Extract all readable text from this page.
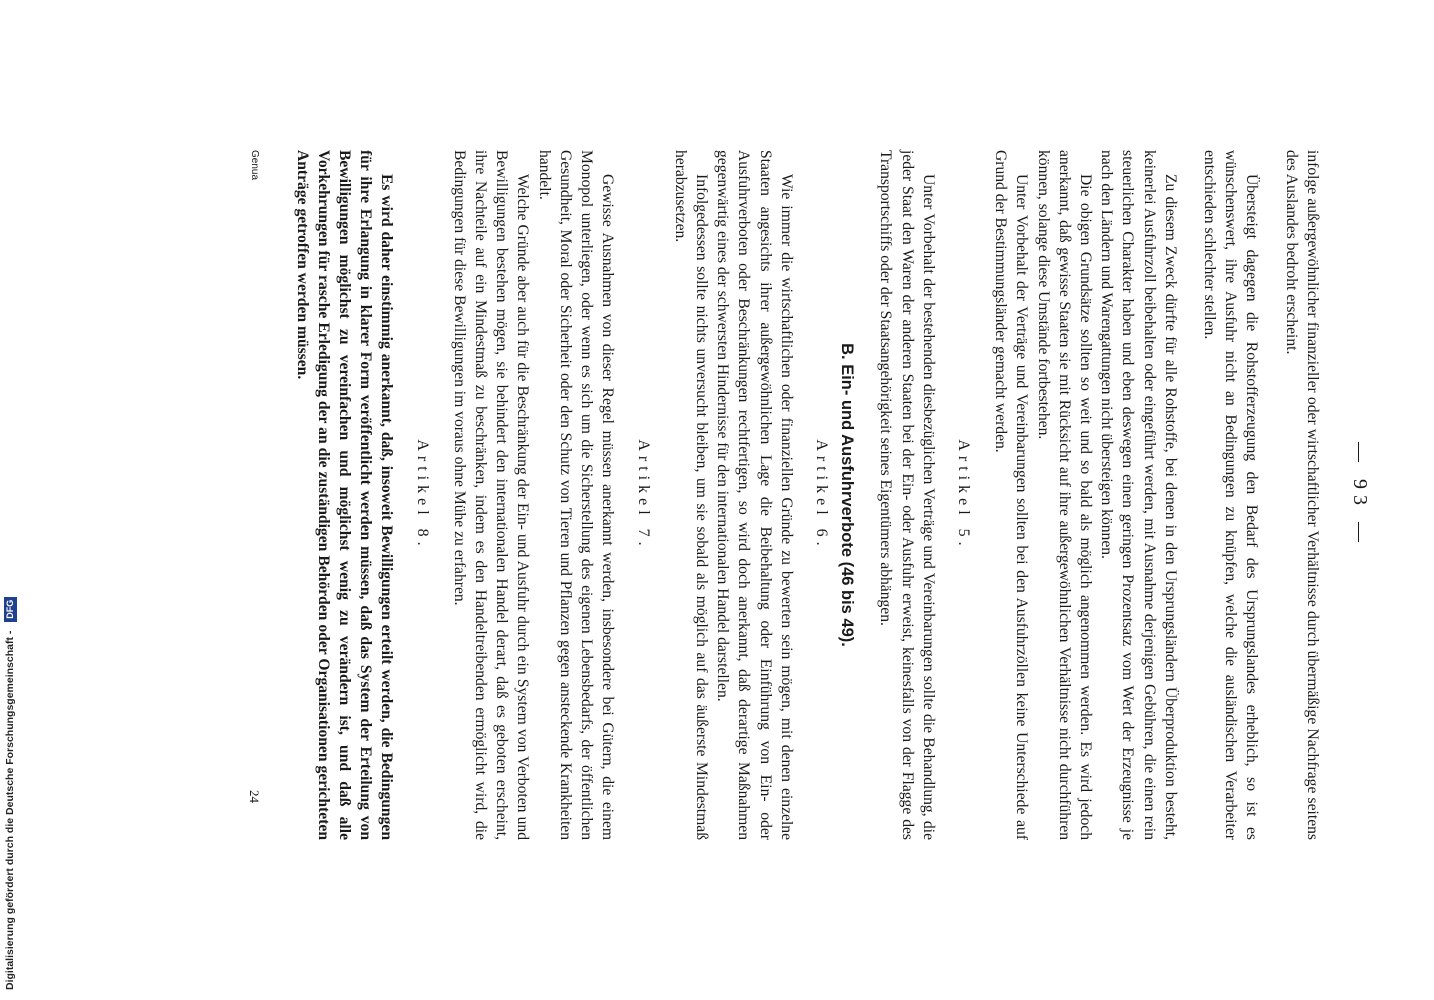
— 93 —

infolge außergewöhnlicher finanzieller oder wirtschaftlicher Verhältnisse durch übermäßige Nachfrage seitens des Auslandes bedroht erscheint.

Übersteigt dagegen die Rohstofferzeugung den Bedarf des Ursprungslandes erheblich, so ist es wünschenswert, ihre Ausfuhr nicht an Bedingungen zu knüpfen, welche die ausländischen Verarbeiter entschieden schlechter stellen.

Zu diesem Zweck dürfte für alle Rohstoffe, bei denen in den Ursprungsländern Überproduktion besteht, keinerlei Ausfuhrzoll beibehalten oder eingeführt werden, mit Ausnahme derjenigen Gebühren, die einen rein steuerlichen Charakter haben und eben deswegen einen geringen Prozentsatz vom Wert der Erzeugnisse je nach den Ländern und Warengattungen nicht übersteigen können.

Die obigen Grundsätze sollten so weit und so bald als möglich angenommen werden. Es wird jedoch anerkannt, daß gewisse Staaten sie mit Rücksicht auf ihre außergewöhnlichen Verhältnisse nicht durchführen können, solange diese Umstände fortbestehen.

Unter Vorbehalt der Verträge und Vereinbarungen sollten bei den Ausfuhrzöllen keine Unterschiede auf Grund der Bestimmungsländer gemacht werden.

Artikel 5.

Unter Vorbehalt der bestehenden diesbezüglichen Verträge und Vereinbarungen sollte die Behandlung, die jeder Staat den Waren der anderen Staaten bei der Ein- oder Ausfuhr erweist, keinesfalls von der Flagge des Transportschiffs oder der Staatsangehörigkeit seines Eigentümers abhängen.

B. Ein- und Ausfuhrverbote (46 bis 49).
Artikel 6.

Wie immer die wirtschaftlichen oder finanziellen Gründe zu bewerten sein mögen, mit denen einzelne Staaten angesichts ihrer außergewöhnlichen Lage die Beibehaltung oder Einführung von Ein- oder Ausfuhrverboten oder Beschränkungen rechtfertigen, so wird doch anerkannt, daß derartige Maßnahmen gegenwärtig eines der schwersten Hindernisse für den internationalen Handel darstellen.

Infolgedessen sollte nichts unversucht bleiben, um sie sobald als möglich auf das äußerste Mindestmaß herabzusetzen.

Artikel 7.

Gewisse Ausnahmen von dieser Regel müssen anerkannt werden, insbesondere bei Gütern, die einem Monopol unterliegen, oder wenn es sich um die Sicherstellung des eigenen Lebensbedarfs, der öffentlichen Gesundheit, Moral oder Sicherheit oder den Schutz von Tieren und Pflanzen gegen ansteckende Krankheiten handelt.

Welche Gründe aber auch für die Beschränkung der Ein- und Ausfuhr durch ein System von Verboten und Bewilligungen bestehen mögen, sie behindert den internationalen Handel derart, daß es geboten erscheint, ihre Nachteile auf ein Mindestmaß zu beschränken, indem es den Handeltreibenden ermöglicht wird, die Bedingungen für diese Bewilligungen im voraus ohne Mühe zu erfahren.

Artikel 8.

Es wird daher einstimmig anerkannt, daß, insoweit Bewilligungen erteilt werden, die Bedingungen für ihre Erlangung in klarer Form veröffentlicht werden müssen, daß das System der Erteilung von Bewilligungen möglichst zu vereinfachen und möglichst wenig zu verändern ist, und daß alle Vorkehrungen für rasche Erledigung der an die zuständigen Behörden oder Organisationen gerichteten Anträge getroffen werden müssen.

Genua
24
Digitalisierung gefördert durch die Deutsche Forschungsgemeinschaft - DFG
